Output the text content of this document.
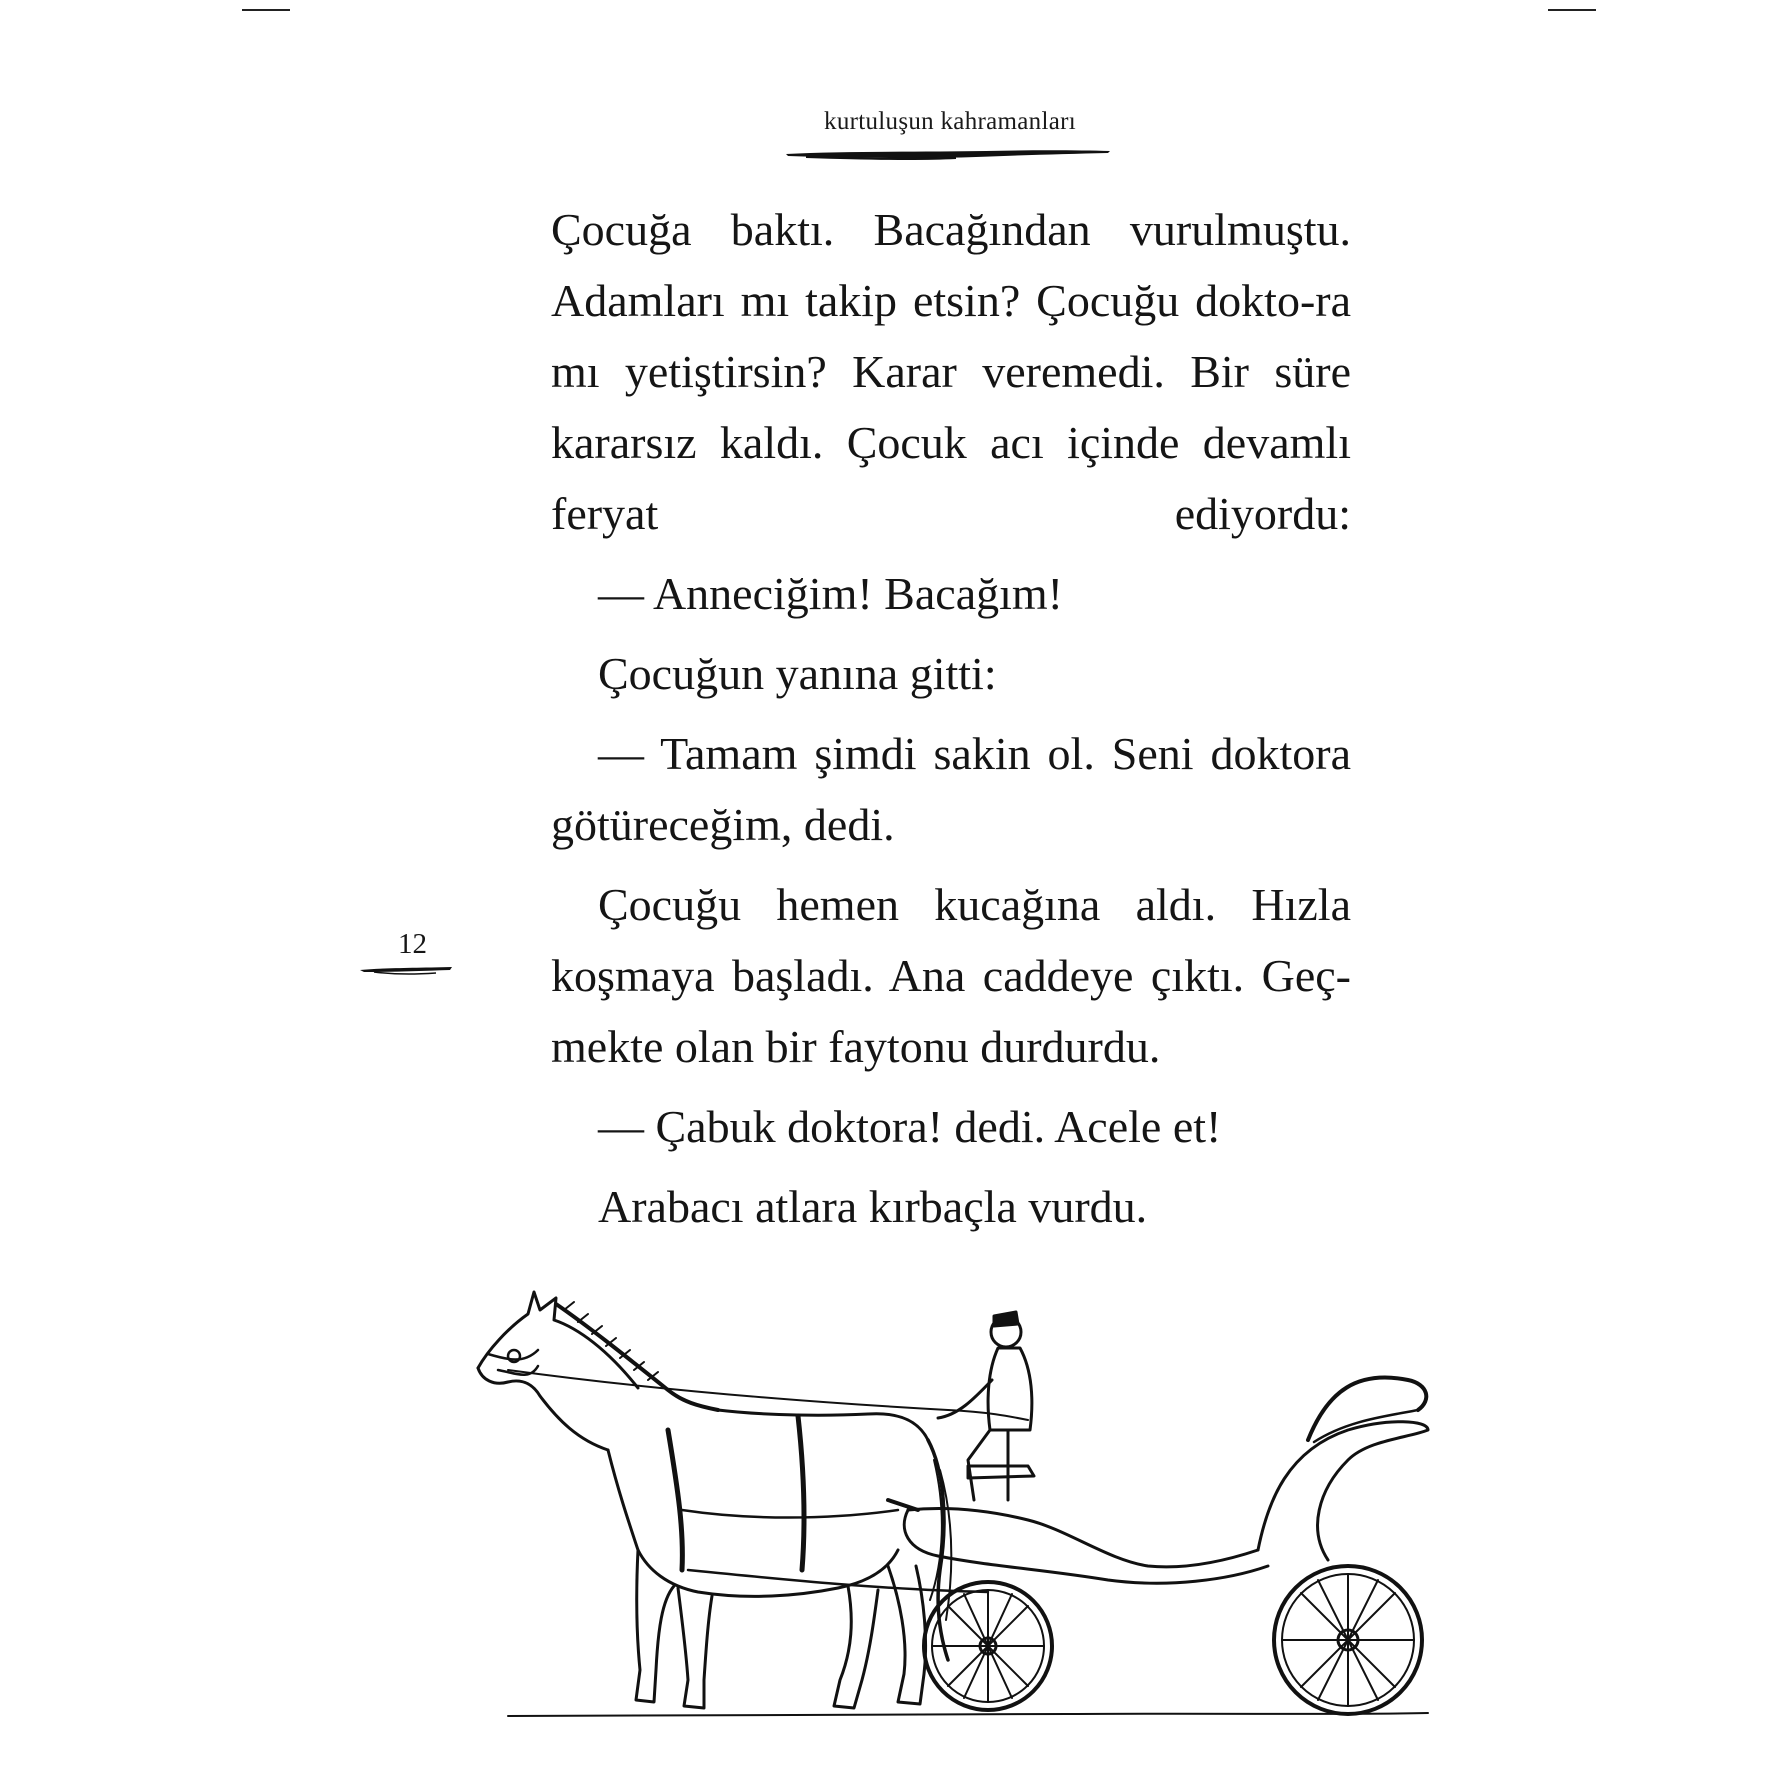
kurtuluşun kahramanları
12

Çocuğa baktı. Bacağından vurulmuştu. Adamları mı takip etsin? Çocuğu dokto-ra mı yetiştirsin? Karar veremedi. Bir süre kararsız kaldı. Çocuk acı içinde devamlı feryat ediyordu:

— Anneciğim! Bacağım!

Çocuğun yanına gitti:

— Tamam şimdi sakin ol. Seni doktora götüreceğim, dedi.

Çocuğu hemen kucağına aldı. Hızla koşmaya başladı. Ana caddeye çıktı. Geç-mekte olan bir faytonu durdurdu.

— Çabuk doktora! dedi. Acele et!

Arabacı atlara kırbaçla vurdu.
